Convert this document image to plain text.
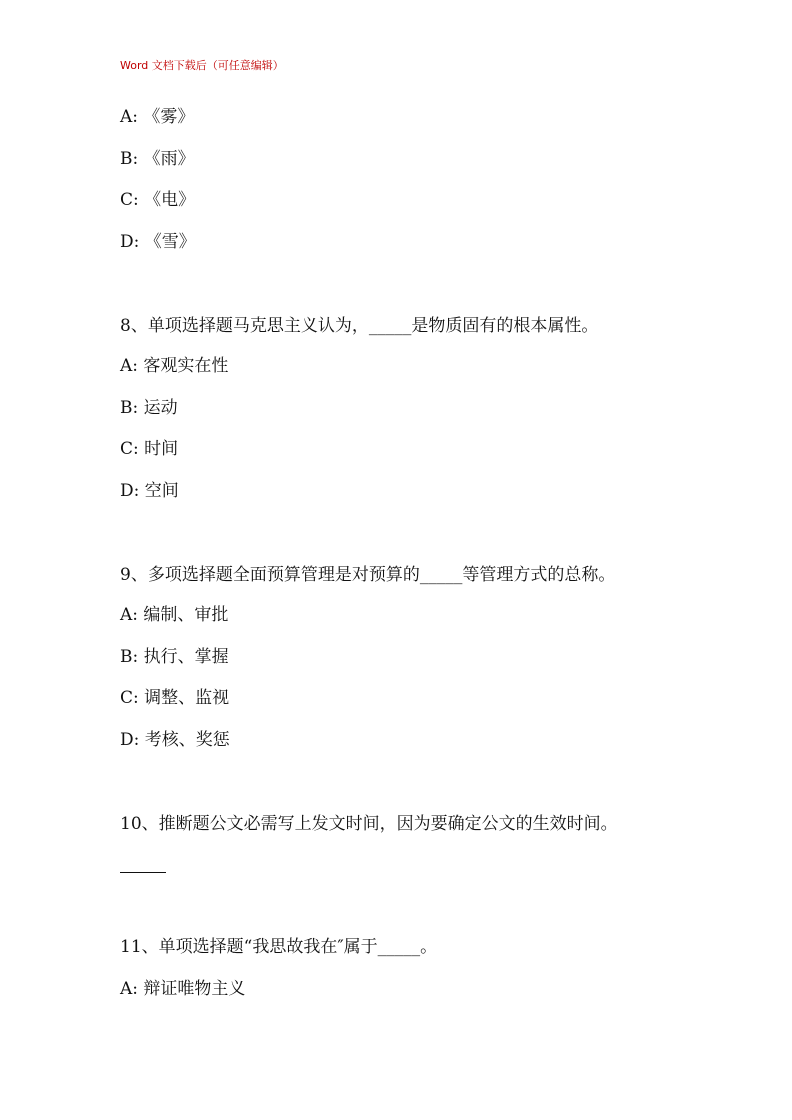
Word 文档下载后（可任意编辑）
A: 《雾》
B: 《雨》
C: 《电》
D: 《雪》
8、单项选择题马克思主义认为，_____是物质固有的根本属性。
A: 客观实在性
B: 运动
C: 时间
D: 空间
9、多项选择题全面预算管理是对预算的_____等管理方式的总称。
A: 编制、审批
B: 执行、掌握
C: 调整、监视
D: 考核、奖惩
10、推断题公文必需写上发文时间，因为要确定公文的生效时间。
11、单项选择题“我思故我在″属于_____。
A: 辩证唯物主义
